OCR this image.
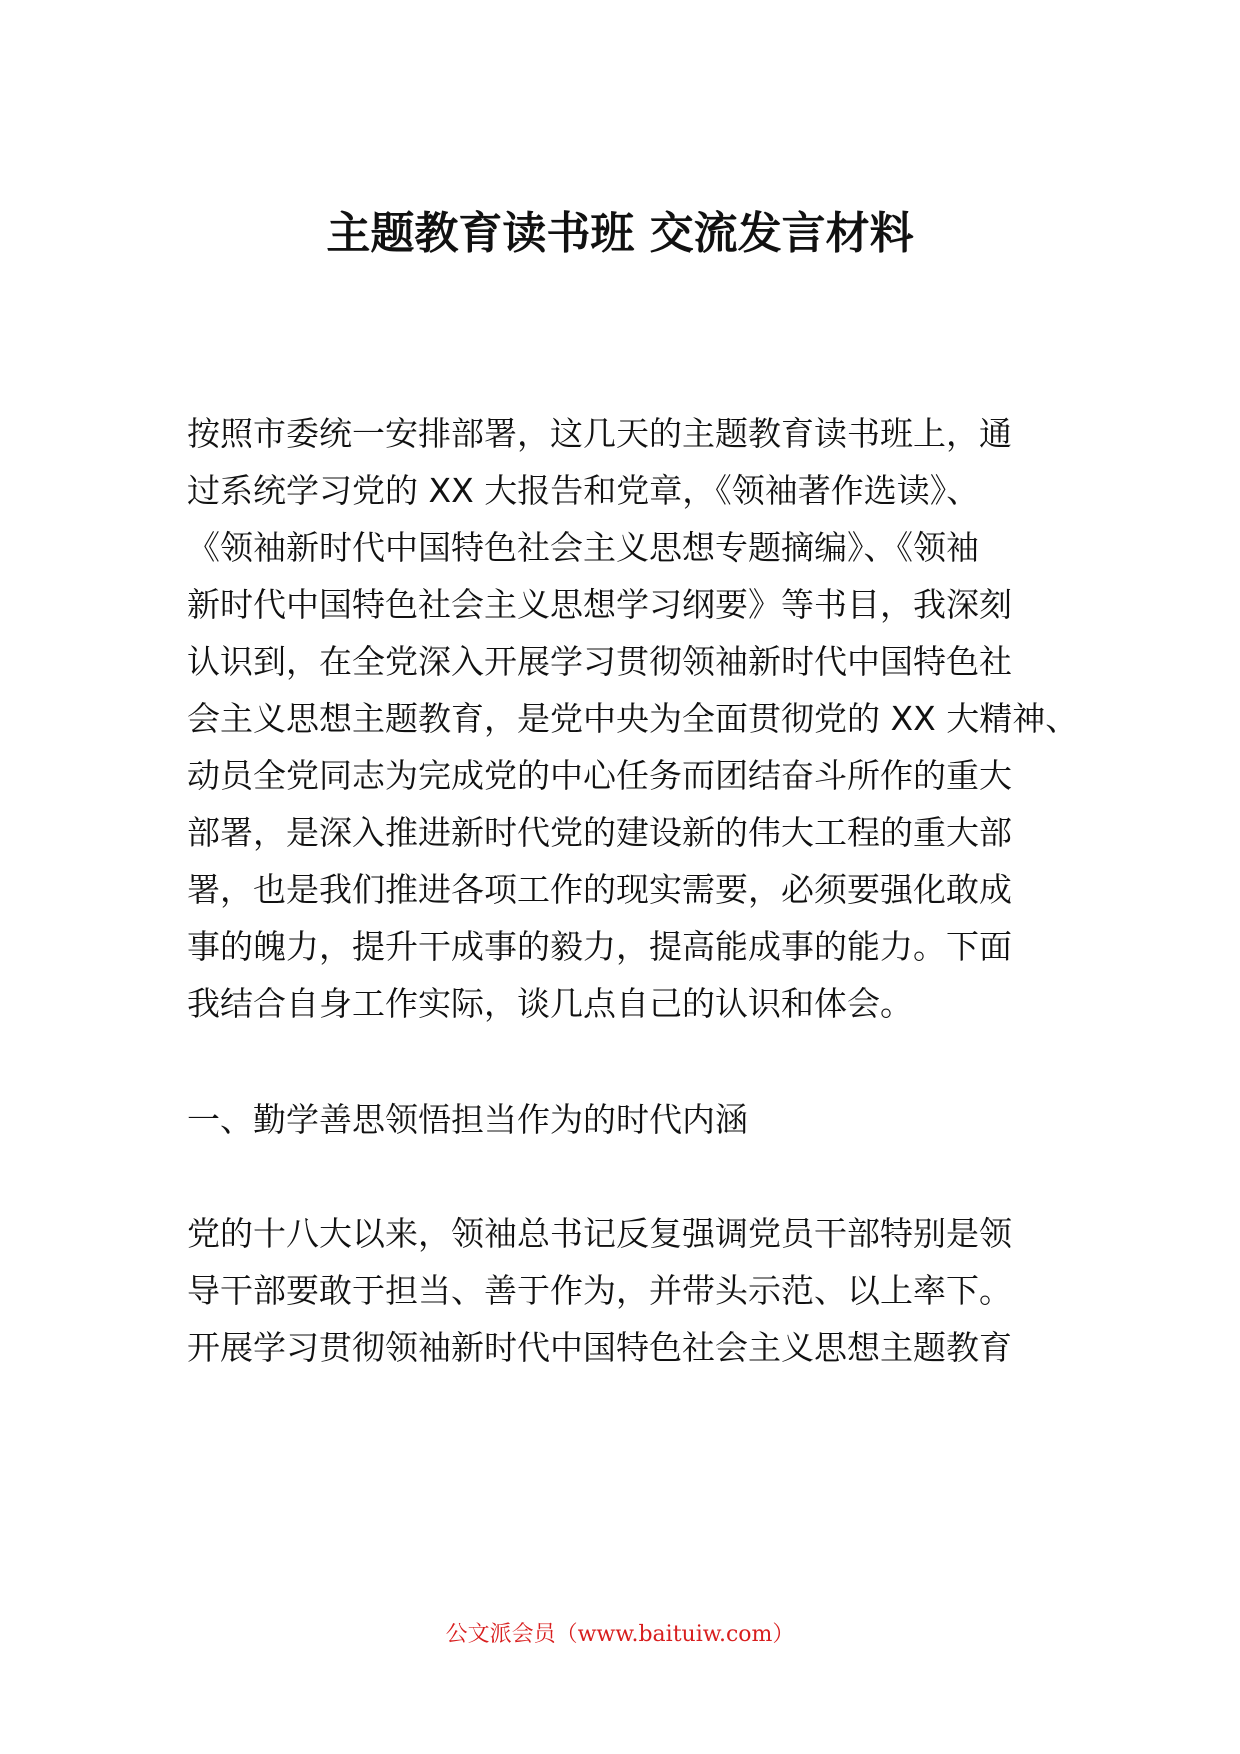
主题教育读书班 交流发言材料
按照市委统一安排部署，这几天的主题教育读书班上，通
过系统学习党的 XX 大报告和党章，《领袖著作选读》、
《领袖新时代中国特色社会主义思想专题摘编》、《领袖
新时代中国特色社会主义思想学习纲要》等书目，我深刻
认识到，在全党深入开展学习贯彻领袖新时代中国特色社
会主义思想主题教育，是党中央为全面贯彻党的 XX 大精神、
动员全党同志为完成党的中心任务而团结奋斗所作的重大
部署，是深入推进新时代党的建设新的伟大工程的重大部
署，也是我们推进各项工作的现实需要，必须要强化敢成
事的魄力，提升干成事的毅力，提高能成事的能力。下面
我结合自身工作实际，谈几点自己的认识和体会。
一、勤学善思领悟担当作为的时代内涵
党的十八大以来，领袖总书记反复强调党员干部特别是领
导干部要敢于担当、善于作为，并带头示范、以上率下。
开展学习贯彻领袖新时代中国特色社会主义思想主题教育
公文派会员（www.baituiw.com）
